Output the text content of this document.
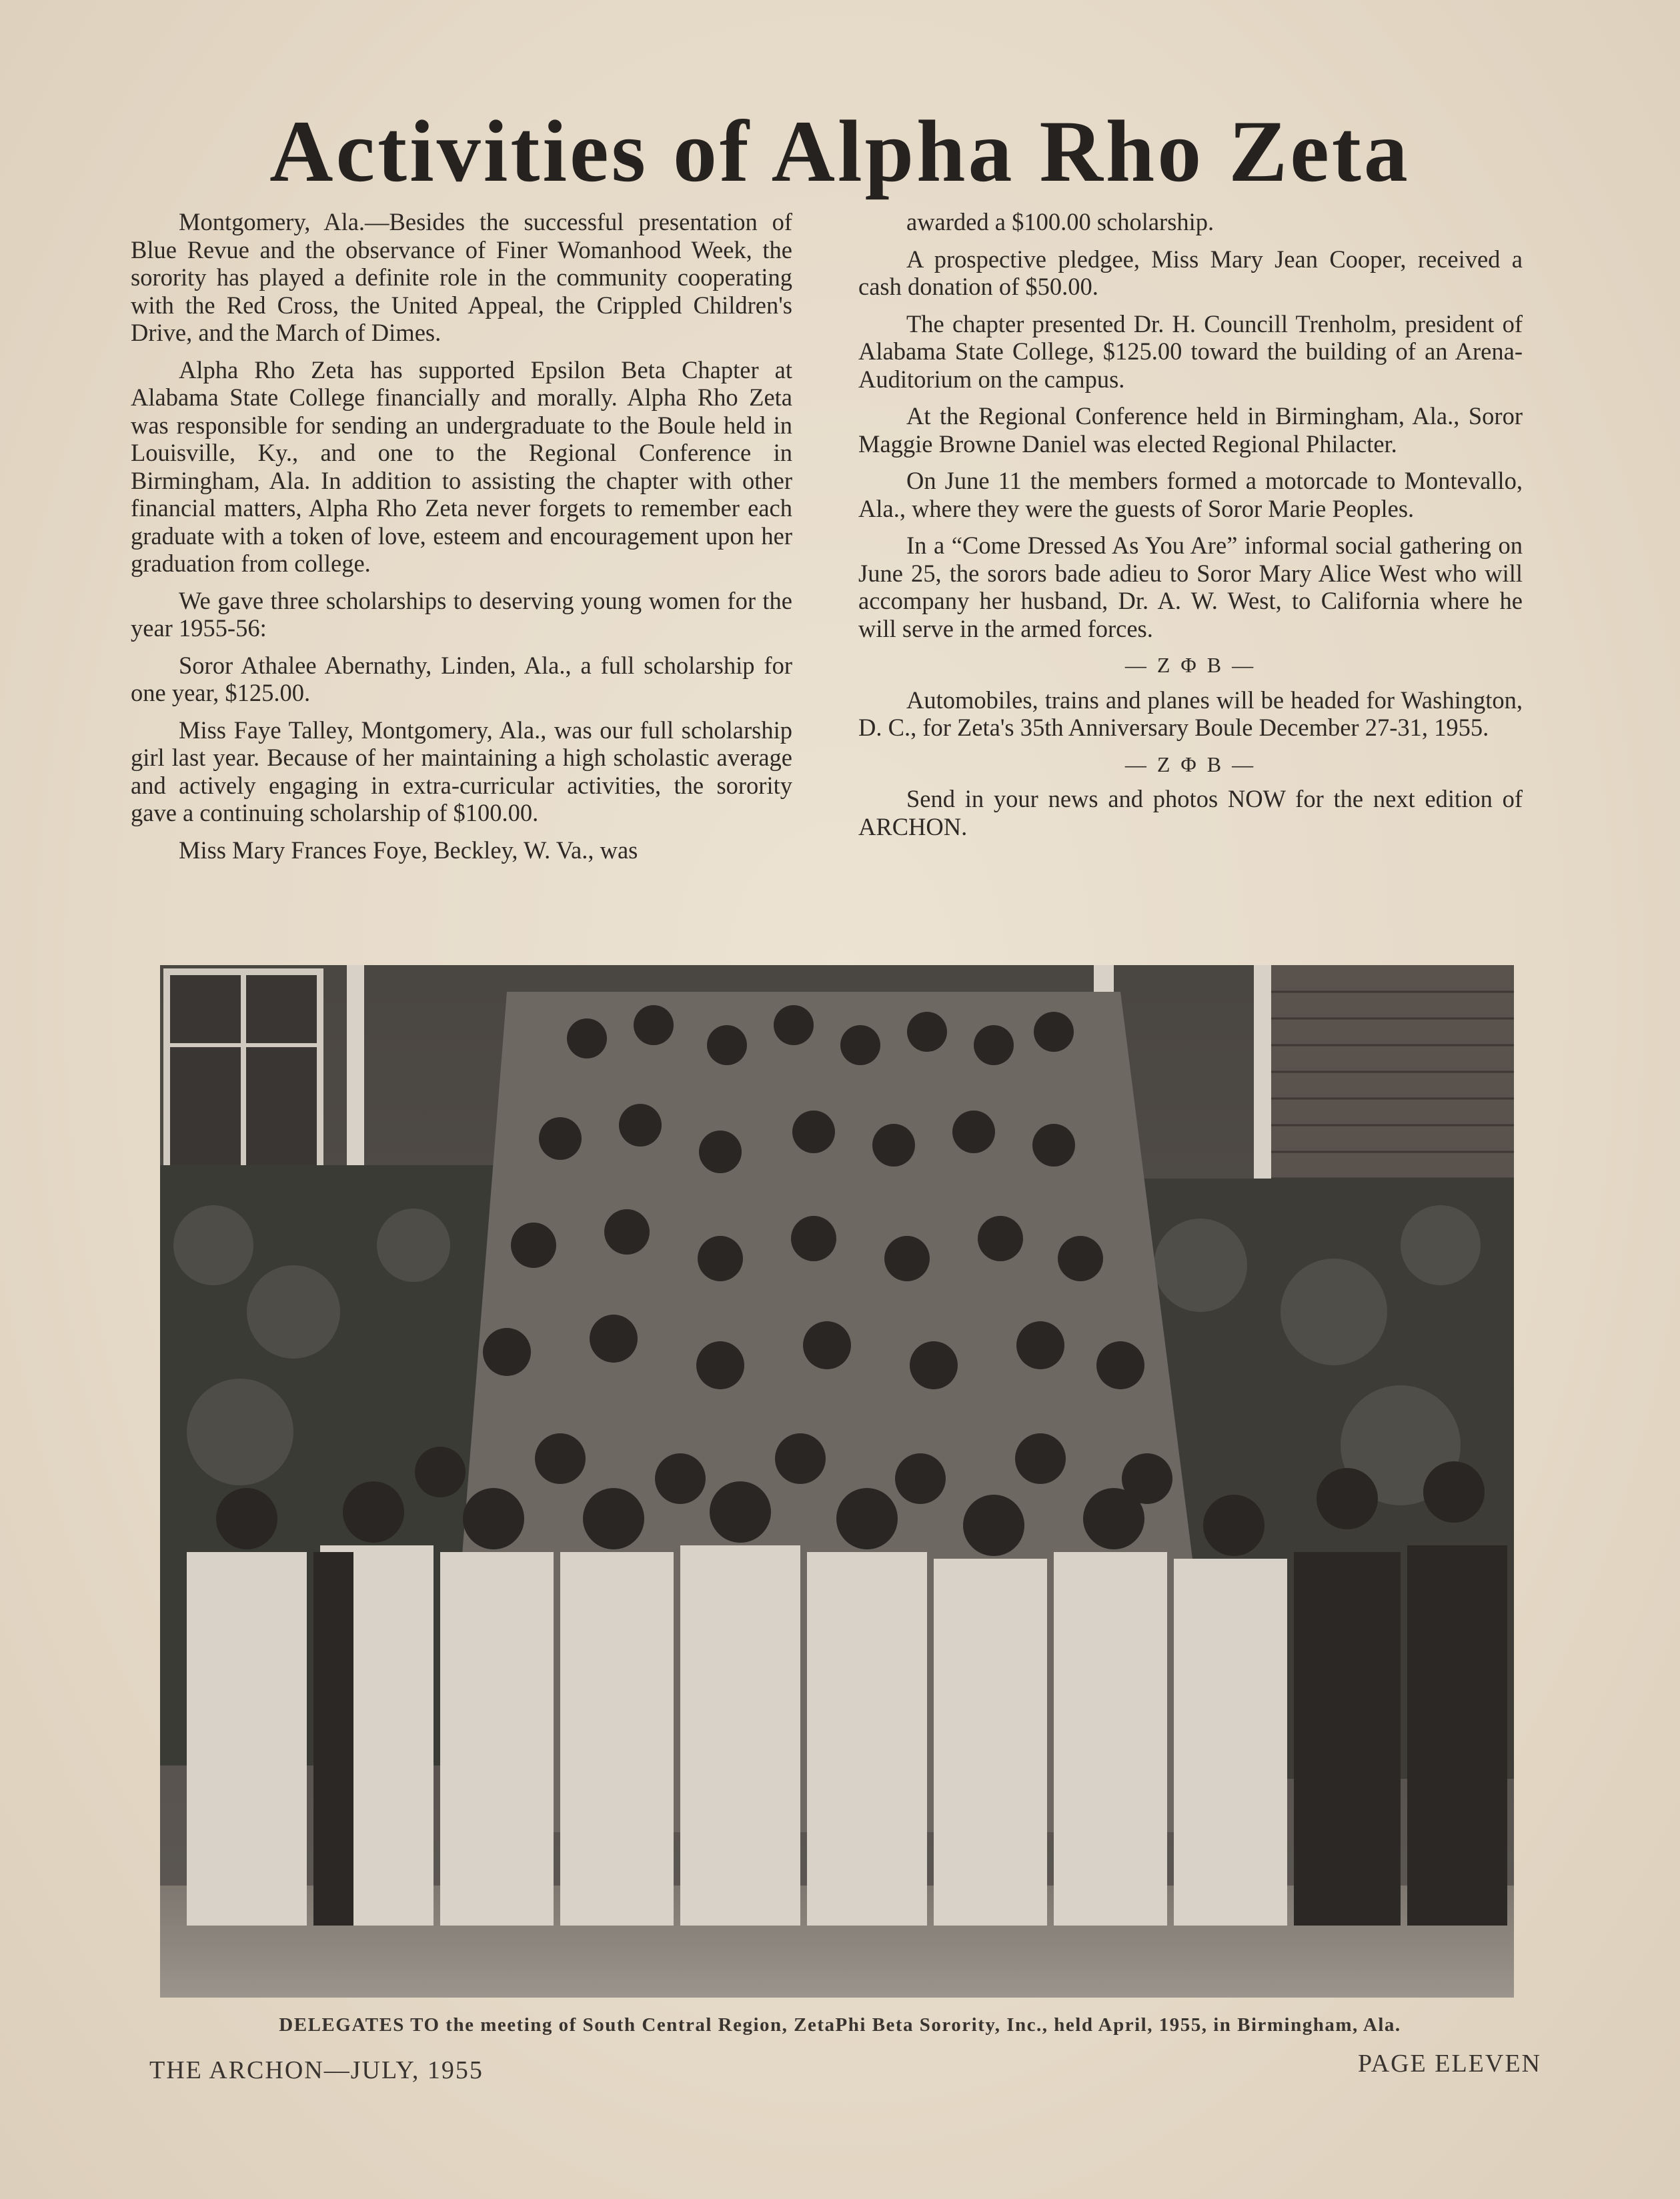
Activities of Alpha Rho Zeta

Montgomery, Ala.—Besides the successful presentation of Blue Revue and the observance of Finer Womanhood Week, the sorority has played a definite role in the community cooperating with the Red Cross, the United Appeal, the Crippled Children's Drive, and the March of Dimes.

Alpha Rho Zeta has supported Epsilon Beta Chapter at Alabama State College financially and morally. Alpha Rho Zeta was responsible for sending an undergraduate to the Boule held in Louisville, Ky., and one to the Regional Conference in Birmingham, Ala. In addition to assisting the chapter with other financial matters, Alpha Rho Zeta never forgets to remember each graduate with a token of love, esteem and encouragement upon her graduation from college.

We gave three scholarships to deserving young women for the year 1955-56:

Soror Athalee Abernathy, Linden, Ala., a full scholarship for one year, $125.00.

Miss Faye Talley, Montgomery, Ala., was our full scholarship girl last year. Because of her maintaining a high scholastic average and actively engaging in extra-curricular activities, the sorority gave a continuing scholarship of $100.00.

Miss Mary Frances Foye, Beckley, W. Va., was

awarded a $100.00 scholarship.

A prospective pledgee, Miss Mary Jean Cooper, received a cash donation of $50.00.

The chapter presented Dr. H. Councill Trenholm, president of Alabama State College, $125.00 toward the building of an Arena-Auditorium on the campus.

At the Regional Conference held in Birmingham, Ala., Soror Maggie Browne Daniel was elected Regional Philacter.

On June 11 the members formed a motorcade to Montevallo, Ala., where they were the guests of Soror Marie Peoples.

In a “Come Dressed As You Are” informal social gathering on June 25, the sorors bade adieu to Soror Mary Alice West who will accompany her husband, Dr. A. W. West, to California where he will serve in the armed forces.

— Z Φ B —

Automobiles, trains and planes will be headed for Washington, D. C., for Zeta's 35th Anniversary Boule December 27-31, 1955.

— Z Φ B —

Send in your news and photos NOW for the next edition of ARCHON.

DELEGATES TO the meeting of South Central Region, ZetaPhi Beta Sorority, Inc., held April, 1955, in Birmingham, Ala.
THE ARCHON—JULY, 1955	PAGE ELEVEN
